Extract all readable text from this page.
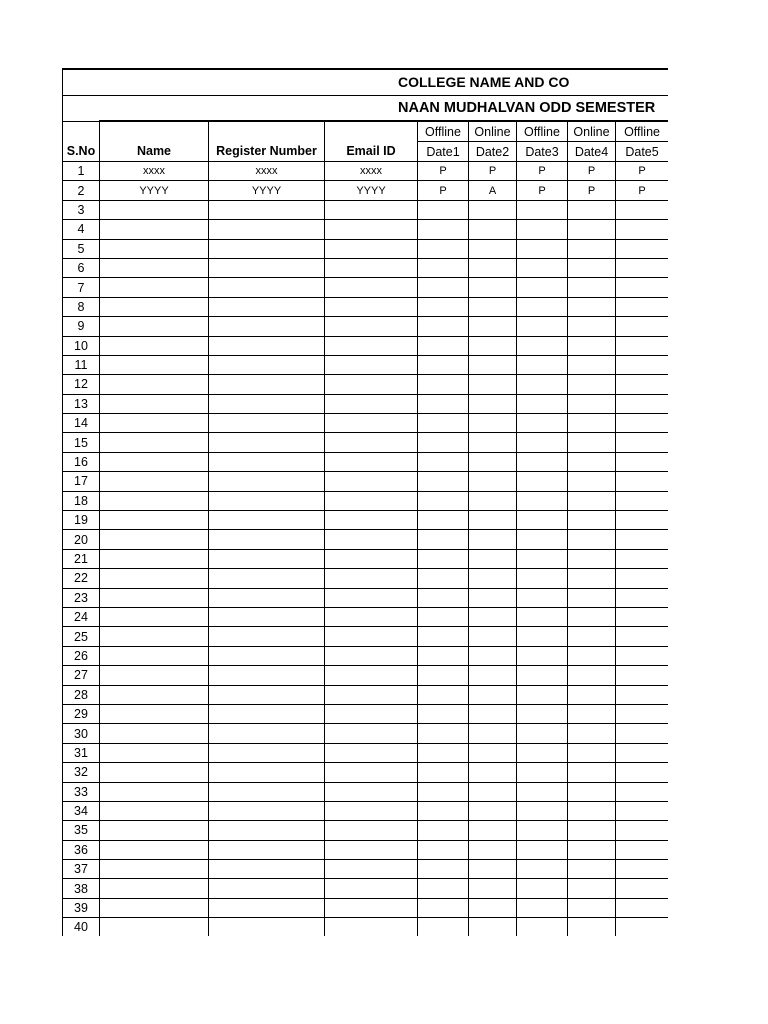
COLLEGE NAME AND CO								
NAAN MUDHALVAN ODD SEMESTER								
				Offline	Online	Offline	Online	Offline
S.No	Name	Register Number	Email ID	Date1	Date2	Date3	Date4	Date5
1	xxxx	xxxx	xxxx	P	P	P	P	P
2	YYYY	YYYY	YYYY	P	A	P	P	P
3								
4								
5								
6								
7								
8								
9								
10								
11								
12								
13								
14								
15								
16								
17								
18								
19								
20								
21								
22								
23								
24								
25								
26								
27								
28								
29								
30								
31								
32								
33								
34								
35								
36								
37								
38								
39								
40								
